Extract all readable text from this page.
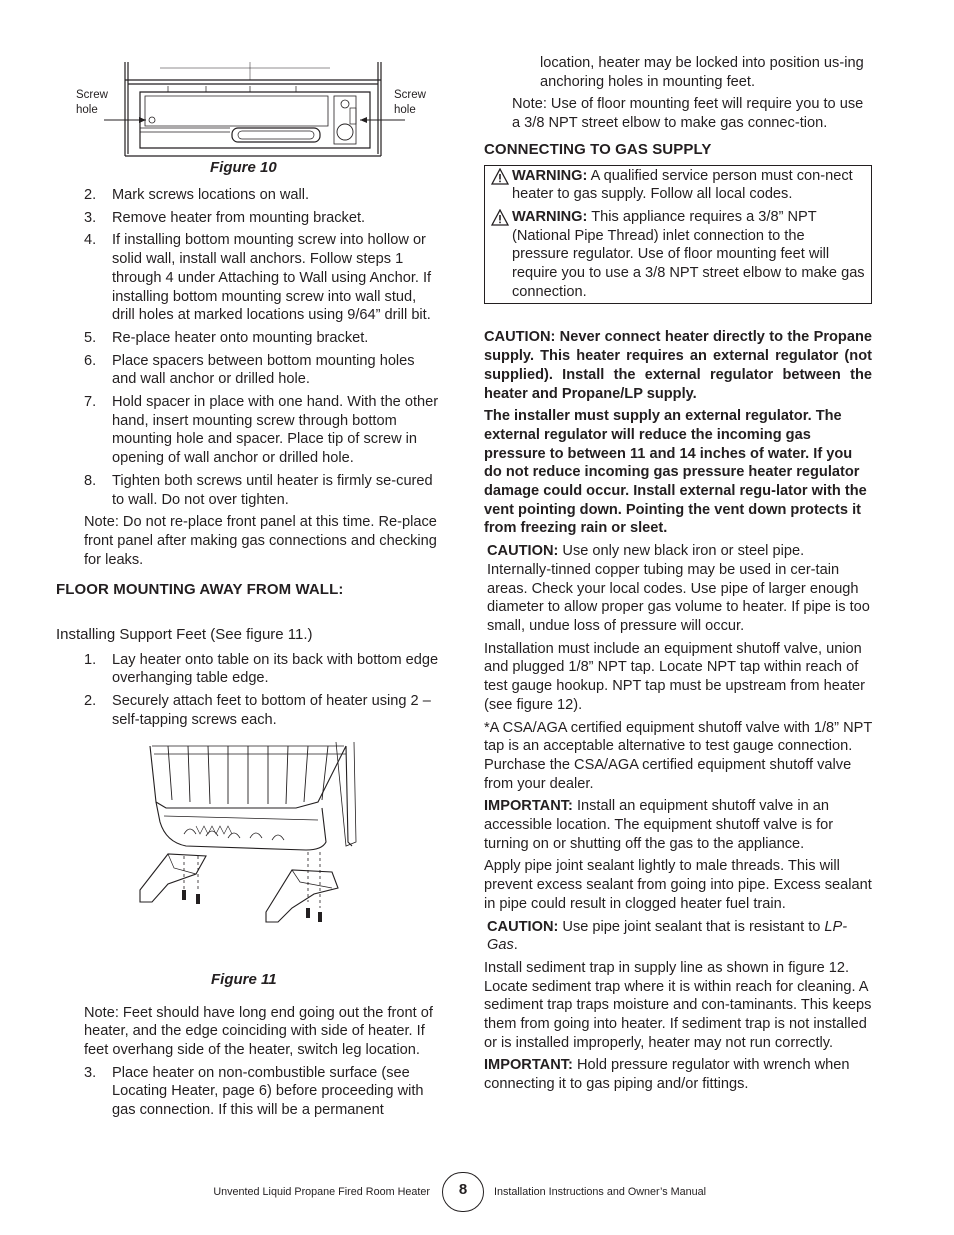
Screw
hole
Screw
hole
Figure 10
2. Mark screws locations on wall.
3. Remove heater from mounting bracket.
4. If installing bottom mounting screw into hollow or solid wall, install wall anchors. Follow steps 1 through 4 under Attaching to Wall using Anchor. If installing bottom mounting screw into wall stud, drill holes at marked locations using 9/64” drill bit.
5. Re-place heater onto mounting bracket.
6. Place spacers between bottom mounting holes and wall anchor or drilled hole.
7. Hold spacer in place with one hand. With the other hand, insert mounting screw through bottom mounting hole and spacer. Place tip of screw in opening of wall anchor or drilled hole.
8. Tighten both screws until heater is firmly se-cured to wall. Do not over tighten.

Note: Do not re-place front panel at this time. Re-place front panel after making gas connections and checking for leaks.

FLOOR MOUNTING AWAY FROM WALL:
Installing Support Feet (See figure 11.)
1. Lay heater onto table on its back with bottom edge overhanging table edge.
2. Securely attach feet to bottom of heater using 2 – self-tapping screws each.
Figure 11

Note: Feet should have long end going out the front of heater, and the edge coinciding with side of heater. If feet overhang side of the heater, switch leg location.

3. Place heater on non-combustible surface (see Locating Heater, page 6) before proceeding with gas connection. If this will be a permanent

location, heater may be locked into position us-ing anchoring holes in mounting feet.

Note: Use of floor mounting feet will require you to use a 3/8 NPT street elbow to make gas connec-tion.

CONNECTING TO GAS SUPPLY
WARNING: A qualified service person must con-nect heater to gas supply. Follow all local codes.
WARNING: This appliance requires a 3/8” NPT (National Pipe Thread) inlet connection to the pressure regulator. Use of floor mounting feet will require you to use a 3/8 NPT street elbow to make gas connection.

CAUTION: Never connect heater directly to the Propane supply. This heater requires an external regulator (not supplied). Install the external regulator between the heater and Propane/LP supply.

The installer must supply an external regulator. The external regulator will reduce the incoming gas pressure to between 11 and 14 inches of water. If you do not reduce incoming gas pressure heater regulator damage could occur. Install external regu-lator with the vent pointing down. Pointing the vent down protects it from freezing rain or sleet.

CAUTION: Use only new black iron or steel pipe. Internally-tinned copper tubing may be used in cer-tain areas. Check your local codes. Use pipe of larger enough diameter to allow proper gas volume to heater. If pipe is too small, undue loss of pressure will occur.

Installation must include an equipment shutoff valve, union and plugged 1/8” NPT tap. Locate NPT tap within reach of test gauge hookup. NPT tap must be upstream from heater (see figure 12).

*A CSA/AGA certified equipment shutoff valve with 1/8” NPT tap is an acceptable alternative to test gauge connection. Purchase the CSA/AGA certified equipment shutoff valve from your dealer.

IMPORTANT: Install an equipment shutoff valve in an accessible location. The equipment shutoff valve is for turning on or shutting off the gas to the appliance.

Apply pipe joint sealant lightly to male threads. This will prevent excess sealant from going into pipe. Excess sealant in pipe could result in clogged heater fuel train.

CAUTION: Use pipe joint sealant that is resistant to LP-Gas.

Install sediment trap in supply line as shown in figure 12. Locate sediment trap where it is within reach for cleaning. A sediment trap traps moisture and con-taminants. This keeps them from going into heater. If sediment trap is not installed or is installed improperly, heater may not run correctly.

IMPORTANT: Hold pressure regulator with wrench when connecting it to gas piping and/or fittings.

Unvented Liquid Propane Fired Room Heater	8	Installation Instructions and Owner’s Manual
